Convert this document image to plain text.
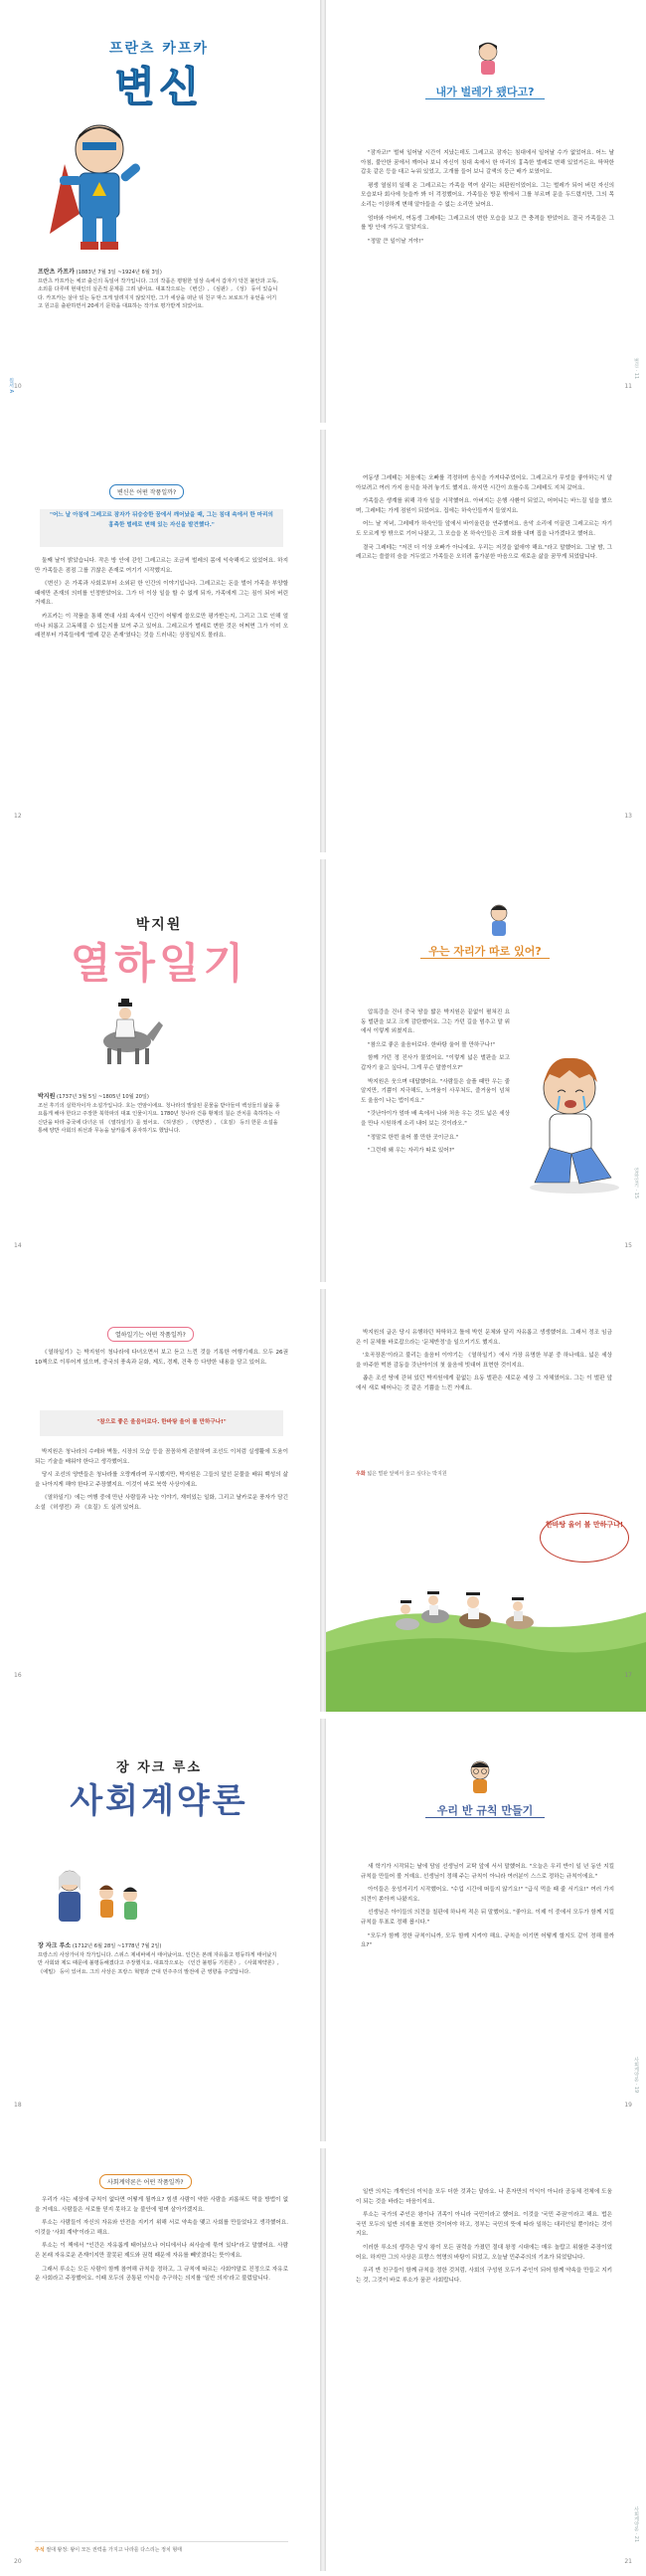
프란츠 카프카
변신
프란츠 카프카 (1883년 7월 3일 ~1924년 6월 3일)
프란츠 카프카는 체코 출신의 독일어 작가입니다. 그의 작품은 평범한 일상 속에서 갑자기 닥친 불안과 고독, 소외를 다루며 현대인의 실존적 문제를 그려 냈어요. 대표작으로는 《변신》, 《심판》, 《성》 등이 있습니다. 카프카는 살아 있는 동안 크게 알려지지 않았지만, 그가 세상을 떠난 뒤 친구 막스 브로트가 유언을 어기고 원고를 출판하면서 20세기 문학을 대표하는 작가로 평가받게 되었어요.
10
원서 A
내가 벌레가 됐다고?

"잠자코!" 벌써 일어날 시간이 지났는데도 그레고르 잠자는 침대에서 일어날 수가 없었어요. 어느 날 아침, 불안한 꿈에서 깨어나 보니 자신이 침대 속에서 한 마리의 흉측한 벌레로 변해 있었거든요. 딱딱한 갑옷 같은 등을 대고 누워 있었고, 고개를 들어 보니 갈색의 둥근 배가 보였어요.

평생 열심히 일해 온 그레고르는 가족을 먹여 살리는 외판원이었어요. 그는 벌레가 되어 버린 자신의 모습보다 회사에 늦을까 봐 더 걱정했어요. 가족들은 방문 밖에서 그를 부르며 문을 두드렸지만, 그의 목소리는 이상하게 변해 알아들을 수 없는 소리만 났어요.

엄마와 아버지, 여동생 그레테는 그레고르의 변한 모습을 보고 큰 충격을 받았어요. 결국 가족들은 그를 방 안에 가두고 말았지요.

"정말 큰 일이날 거야!"

11
변신 · 11
변신은 어떤 작품일까?
"어느 날 아침에 그레고르 잠자가 뒤숭숭한 꿈에서 깨어났을 때, 그는 침대 속에서 한 마리의 흉측한 벌레로 변해 있는 자신을 발견했다."

둘째 날이 밝았습니다. 작은 방 안에 갇힌 그레고르는 조금씩 벌레의 몸에 익숙해지고 있었어요. 하지만 가족들은 점점 그를 귀찮은 존재로 여기기 시작했지요.

《변신》은 가족과 사회로부터 소외된 한 인간의 이야기입니다. 그레고르는 돈을 벌어 가족을 부양할 때에만 존재의 의미를 인정받았어요. 그가 더 이상 일을 할 수 없게 되자, 가족에게 그는 짐이 되어 버린 거예요.

카프카는 이 작품을 통해 현대 사회 속에서 인간이 어떻게 쓸모로만 평가받는지, 그리고 그로 인해 얼마나 외롭고 고독해질 수 있는지를 보여 주고 있어요. 그레고르가 벌레로 변한 것은 어쩌면 그가 이미 오래전부터 가족들에게 '벌레 같은 존재'였다는 것을 드러내는 상징일지도 몰라요.

12

여동생 그레테는 처음에는 오빠를 걱정하며 음식을 가져다주었어요. 그레고르가 무엇을 좋아하는지 알아보려고 여러 가지 음식을 차려 놓기도 했지요. 하지만 시간이 흐를수록 그레테도 지쳐 갔어요.

가족들은 생계를 위해 각자 일을 시작했어요. 아버지는 은행 사환이 되었고, 어머니는 바느질 일을 했으며, 그레테는 가게 점원이 되었어요. 집에는 하숙인들까지 들였지요.

어느 날 저녁, 그레테가 하숙인들 앞에서 바이올린을 연주했어요. 음악 소리에 이끌린 그레고르는 자기도 모르게 방 밖으로 기어 나왔고, 그 모습을 본 하숙인들은 크게 화를 내며 집을 나가겠다고 했어요.

결국 그레테는 "저건 더 이상 오빠가 아니에요. 우리는 저것을 없애야 해요."라고 말했어요. 그날 밤, 그레고르는 쓸쓸히 숨을 거두었고 가족들은 오히려 홀가분한 마음으로 새로운 삶을 꿈꾸게 되었답니다.

13
박지원
열하일기
박지원 (1737년 3월 5일 ~1805년 10월 20일)
조선 후기의 실학자이자 소설가입니다. 호는 연암이에요. 청나라의 발달된 문물을 받아들여 백성들의 삶을 풍요롭게 해야 한다고 주장한 북학파의 대표 인물이지요. 1780년 청나라 건륭 황제의 칠순 잔치를 축하하는 사신단을 따라 중국에 다녀온 뒤 《열하일기》를 썼어요. 《허생전》, 《양반전》, 《호질》 등의 한문 소설을 통해 양반 사회의 위선과 무능을 날카롭게 풍자하기도 했답니다.
14
우는 자리가 따로 있어?

압록강을 건너 중국 땅을 밟은 박지원은 끝없이 펼쳐진 요동 벌판을 보고 크게 감탄했어요. 그는 가던 길을 멈추고 말 위에서 이렇게 외쳤지요.

"참으로 좋은 울음터로다. 한바탕 울어 볼 만하구나!"

함께 가던 정 진사가 물었어요. "이렇게 넓은 벌판을 보고 갑자기 울고 싶다니, 그게 무슨 말씀이오?"

박지원은 웃으며 대답했어요. "사람들은 슬플 때만 우는 줄 알지만, 기쁨이 지극해도, 노여움이 사무쳐도, 즐거움이 넘쳐도 울음이 나는 법이지요."

"갓난아이가 엄마 배 속에서 나와 처음 우는 것도 넓은 세상을 만나 시원하게 소리 내어 보는 것이라오."

"정말로 한번 울어 볼 만한 곳이군요."

"그런데 왜 우는 자리가 따로 있어?"

15
열하일기 · 15
열하일기는 어떤 작품일까?

《열하일기》는 박지원이 청나라에 다녀오면서 보고 듣고 느낀 것을 기록한 여행기예요. 모두 26권 10책으로 이루어져 있으며, 중국의 풍속과 문화, 제도, 경제, 건축 등 다양한 내용을 담고 있어요.

"참으로 좋은 울음터로다. 한바탕 울어 볼 만하구나!"

박지원은 청나라의 수레와 벽돌, 시장의 모습 등을 꼼꼼하게 관찰하며 조선도 이처럼 실생활에 도움이 되는 기술을 배워야 한다고 생각했어요.

당시 조선의 양반들은 청나라를 오랑캐라며 무시했지만, 박지원은 그들의 앞선 문물을 배워 백성의 삶을 나아지게 해야 한다고 주장했지요. 이것이 바로 북학 사상이에요.

《열하일기》에는 여행 중에 만난 사람들과 나눈 이야기, 재미있는 일화, 그리고 날카로운 풍자가 담긴 소설 《허생전》과 《호질》도 실려 있어요.

16

박지원의 글은 당시 유행하던 딱딱하고 틀에 박힌 문체와 달리 자유롭고 생생했어요. 그래서 정조 임금은 이 문체를 바로잡으라는 '문체반정'을 일으키기도 했지요.

'호곡장론'이라고 불리는 울음터 이야기는 《열하일기》에서 가장 유명한 부분 중 하나예요. 넓은 세상을 마주한 벅찬 감동을 갓난아이의 첫 울음에 빗대어 표현한 것이지요.

좁은 조선 땅에 갇혀 있던 박지원에게 끝없는 요동 벌판은 새로운 세상 그 자체였어요. 그는 이 벌판 앞에서 새로 태어나는 것 같은 기쁨을 느낀 거예요.

우화 넓은 벌판 앞에서 울고 싶다는 박지원
한바탕 울어 볼 만하구나!
17
장 자크 루소
사회계약론
장 자크 루소 (1712년 6월 28일 ~1778년 7월 2일)
프랑스의 사상가이자 작가입니다. 스위스 제네바에서 태어났어요. 인간은 본래 자유롭고 평등하게 태어났지만 사회와 제도 때문에 불평등해졌다고 주장했지요. 대표작으로는 《인간 불평등 기원론》, 《사회계약론》, 《에밀》 등이 있어요. 그의 사상은 프랑스 혁명과 근대 민주주의 발전에 큰 영향을 주었답니다.
18
우리 반 규칙 만들기

새 학기가 시작되는 날에 담임 선생님이 교탁 앞에 서서 말했어요. "오늘은 우리 반이 일 년 동안 지킬 규칙을 만들어 볼 거예요. 선생님이 정해 주는 규칙이 아니라 여러분이 스스로 정하는 규칙이에요."

아이들은 웅성거리기 시작했어요. "수업 시간에 떠들지 않기요!" "급식 먹을 때 줄 서기요!" 여러 가지 의견이 쏟아져 나왔지요.

선생님은 아이들의 의견을 칠판에 하나씩 적은 뒤 말했어요. "좋아요. 이제 이 중에서 모두가 함께 지킬 규칙을 투표로 정해 봅시다."

"모두가 함께 정한 규칙이니까, 모두 함께 지켜야 해요. 규칙을 어기면 어떻게 할지도 같이 정해 볼까요?"

19
사회계약론 · 19
사회계약론은 어떤 작품일까?

우리가 사는 세상에 규칙이 없다면 어떻게 될까요? 힘센 사람이 약한 사람을 괴롭혀도 막을 방법이 없을 거예요. 사람들은 서로를 믿지 못하고 늘 불안에 떨며 살아가겠지요.

루소는 사람들이 자신의 자유와 안전을 지키기 위해 서로 약속을 맺고 사회를 만들었다고 생각했어요. 이것을 '사회 계약'이라고 해요.

루소는 이 책에서 "인간은 자유롭게 태어났으나 어디에서나 쇠사슬에 묶여 있다"라고 말했어요. 사람은 본래 자유로운 존재이지만 잘못된 제도와 권력 때문에 자유를 빼앗겼다는 뜻이에요.

그래서 루소는 모든 사람이 함께 참여해 규칙을 정하고, 그 규칙에 따르는 사회야말로 진정으로 자유로운 사회라고 주장했어요. 이때 모두의 공통된 이익을 추구하는 의지를 '일반 의지'라고 불렀답니다.

주석 절대 왕정: 왕이 모든 권력을 가지고 나라를 다스리는 정치 형태
20

일반 의지는 개개인의 이익을 모두 더한 것과는 달라요. 나 혼자만의 이익이 아니라 공동체 전체에 도움이 되는 것을 바라는 마음이지요.

루소는 국가의 주인은 왕이나 귀족이 아니라 국민이라고 했어요. 이것을 '국민 주권'이라고 해요. 법은 국민 모두의 일반 의지를 표현한 것이어야 하고, 정부는 국민의 뜻에 따라 일하는 대리인일 뿐이라는 것이지요.

이러한 루소의 생각은 당시 왕이 모든 권력을 가졌던 절대 왕정 시대에는 매우 놀랍고 위험한 주장이었어요. 하지만 그의 사상은 프랑스 혁명의 바탕이 되었고, 오늘날 민주주의의 기초가 되었답니다.

우리 반 친구들이 함께 규칙을 정한 것처럼, 사회의 구성원 모두가 주인이 되어 함께 약속을 만들고 지키는 것, 그것이 바로 루소가 꿈꾼 사회랍니다.

21
사회계약론 · 21
